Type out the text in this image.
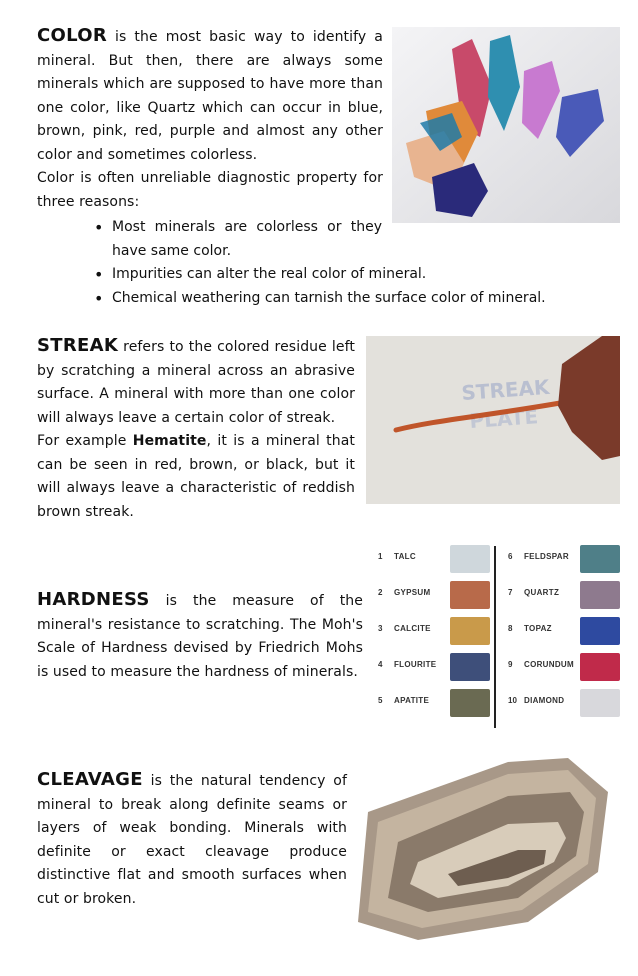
COLOR is the most basic way to identify a mineral. But then, there are always some minerals which are supposed to have more than one color, like Quartz which can occur in blue, brown, pink, red, purple and almost any other color and sometimes colorless.
Color is often unreliable diagnostic property for three reasons:
• Most minerals are colorless or they have same color.
• Impurities can alter the real color of mineral.
• Chemical weathering can tarnish the surface color of mineral.
STREAK refers to the colored residue left by scratching a mineral across an abrasive surface. A mineral with more than one color will always leave a certain color of streak.
For example Hematite, it is a mineral that can be seen in red, brown, or black, but it will always leave a characteristic of reddish brown streak.
STREAK
PLATE
HARDNESS is the measure of the mineral's resistance to scratching. The Moh's Scale of Hardness devised by Friedrich Mohs is used to measure the hardness of minerals.
1 TALC
2 GYPSUM
3 CALCITE
4 FLOURITE
5 APATITE
6 FELDSPAR
7 QUARTZ
8 TOPAZ
9 CORUNDUM
10 DIAMOND
CLEAVAGE is the natural tendency of mineral to break along definite seams or layers of weak bonding. Minerals with definite or exact cleavage produce distinctive flat and smooth surfaces when cut or broken.
